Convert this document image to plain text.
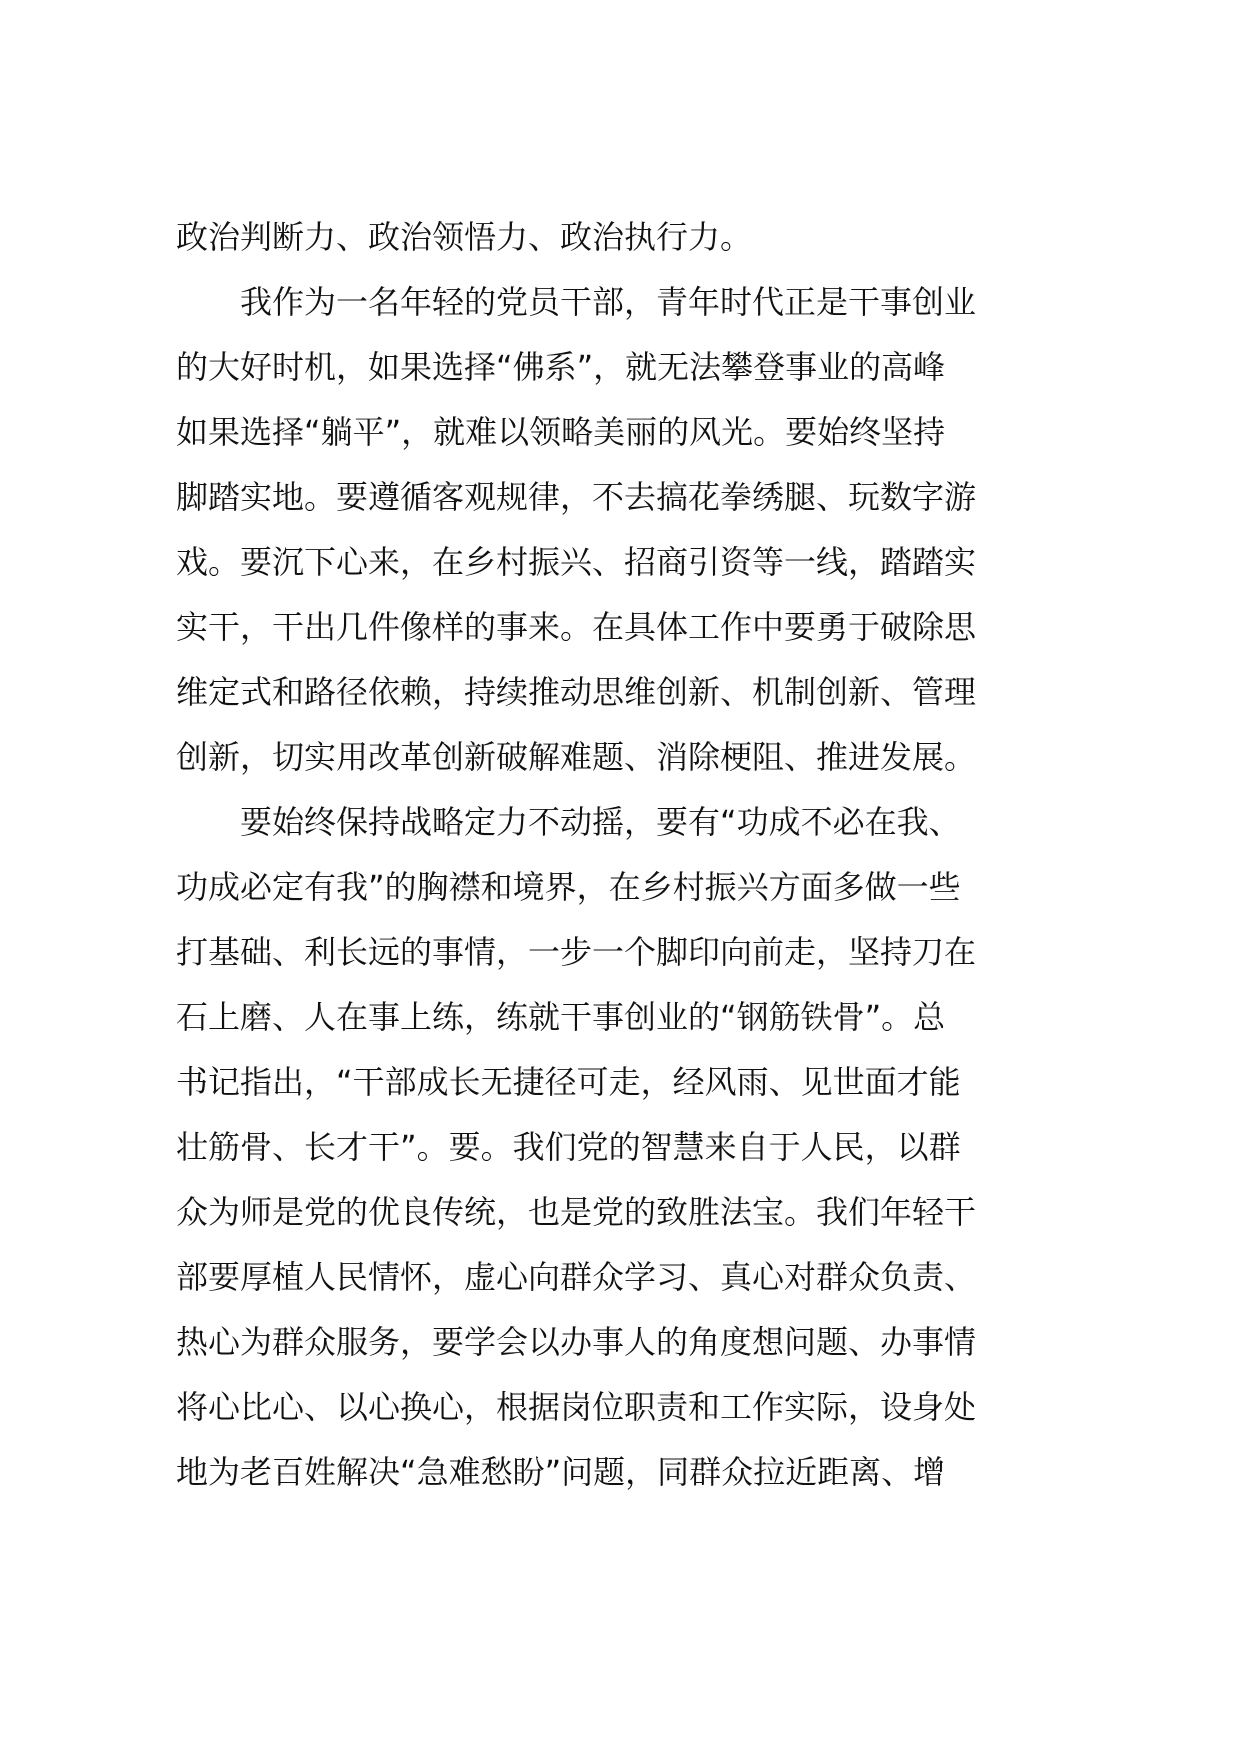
政治判断力、政治领悟力、政治执行力。
我作为一名年轻的党员干部，青年时代正是干事创业
的大好时机，如果选择“佛系”，就无法攀登事业的高峰
如果选择“躺平”，就难以领略美丽的风光。要始终坚持
脚踏实地。要遵循客观规律，不去搞花拳绣腿、玩数字游
戏。要沉下心来，在乡村振兴、招商引资等一线，踏踏实
实干，干出几件像样的事来。在具体工作中要勇于破除思
维定式和路径依赖，持续推动思维创新、机制创新、管理
创新，切实用改革创新破解难题、消除梗阻、推进发展。
要始终保持战略定力不动摇，要有“功成不必在我、
功成必定有我”的胸襟和境界，在乡村振兴方面多做一些
打基础、利长远的事情，一步一个脚印向前走，坚持刀在
石上磨、人在事上练，练就干事创业的“钢筋铁骨”。总
书记指出，“干部成长无捷径可走，经风雨、见世面才能
壮筋骨、长才干”。要。我们党的智慧来自于人民，以群
众为师是党的优良传统，也是党的致胜法宝。我们年轻干
部要厚植人民情怀，虚心向群众学习、真心对群众负责、
热心为群众服务，要学会以办事人的角度想问题、办事情
将心比心、以心换心，根据岗位职责和工作实际，设身处
地为老百姓解决“急难愁盼”问题，同群众拉近距离、增
